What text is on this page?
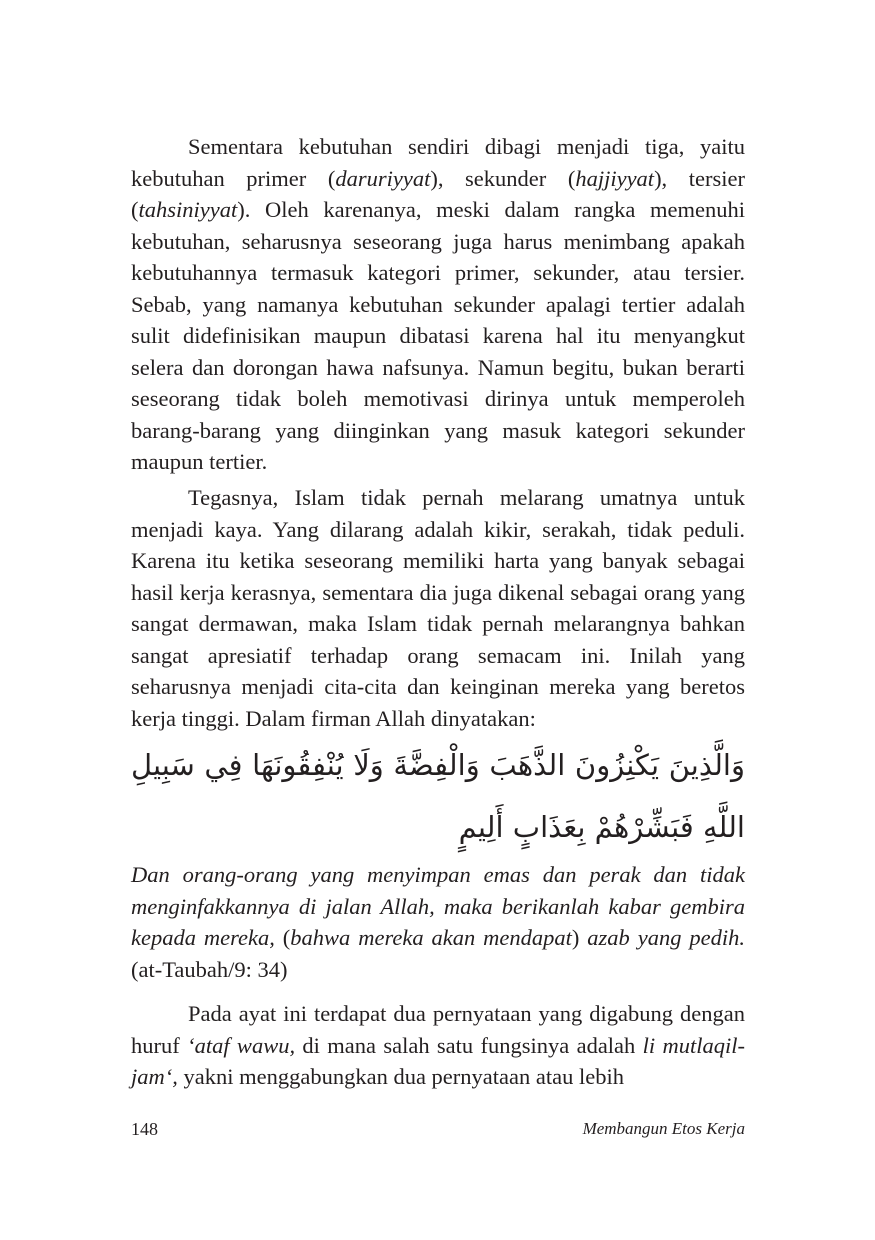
Sementara kebutuhan sendiri dibagi menjadi tiga, yaitu kebutuhan primer (daruriyyat), sekunder (hajjiyyat), tersier (tahsiniyyat). Oleh karenanya, meski dalam rangka memenuhi kebutuhan, seharusnya seseorang juga harus menimbang apakah kebutuhannya termasuk kategori primer, sekunder, atau tersier. Sebab, yang namanya kebutuhan sekunder apalagi tertier adalah sulit didefinisikan maupun dibatasi karena hal itu menyangkut selera dan dorongan hawa nafsunya. Namun begitu, bukan berarti seseorang tidak boleh memotivasi dirinya untuk memperoleh barang-barang yang diinginkan yang masuk kategori sekunder maupun tertier.

Tegasnya, Islam tidak pernah melarang umatnya untuk menjadi kaya. Yang dilarang adalah kikir, serakah, tidak peduli. Karena itu ketika seseorang memiliki harta yang banyak sebagai hasil kerja kerasnya, sementara dia juga dikenal sebagai orang yang sangat dermawan, maka Islam tidak pernah melarangnya bahkan sangat apresiatif terhadap orang semacam ini. Inilah yang seharusnya menjadi cita-cita dan keinginan mereka yang beretos kerja tinggi. Dalam firman Allah dinyatakan:

وَالَّذِينَ يَكْنِزُونَ الذَّهَبَ وَالْفِضَّةَ وَلَا يُنْفِقُونَهَا فِي سَبِيلِ اللَّهِ فَبَشِّرْهُمْ بِعَذَابٍ أَلِيمٍ
Dan orang-orang yang menyimpan emas dan perak dan tidak menginfakkannya di jalan Allah, maka berikanlah kabar gembira kepada mereka, (bahwa mereka akan mendapat) azab yang pedih. (at-Taubah/9: 34)

Pada ayat ini terdapat dua pernyataan yang digabung dengan huruf ‘ataf wawu, di mana salah satu fungsinya adalah li mutlaqil-jam‘, yakni menggabungkan dua pernyataan atau lebih

148	Membangun Etos Kerja
